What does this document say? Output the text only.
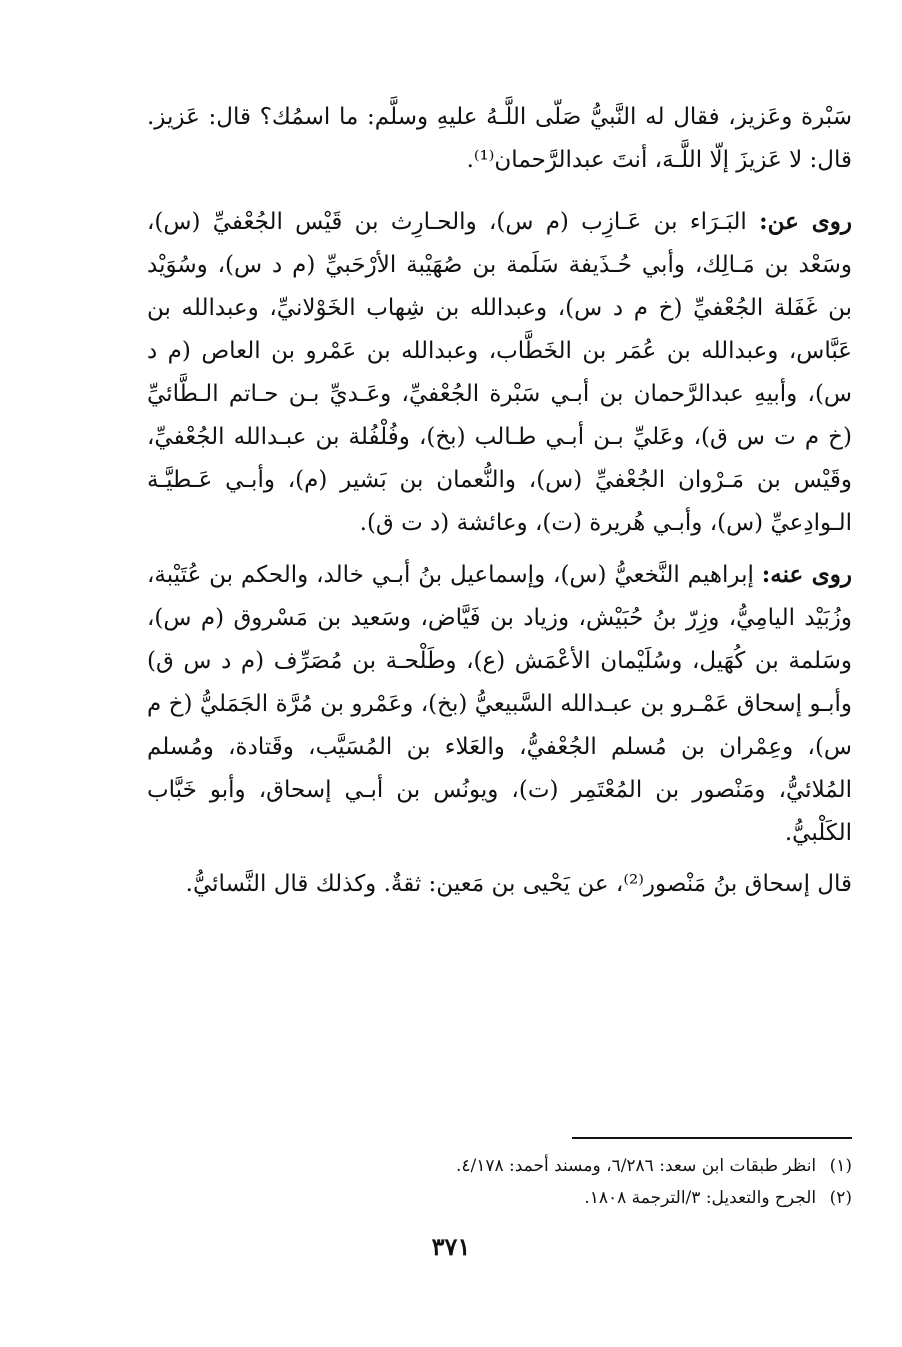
سَبْرة وعَزيز، فقال له النَّبيُّ صَلّى اللَّـهُ عليهِ وسلَّم: ما اسمُك؟ قال: عَزيز. قال: لا عَزيزَ إلّا اللَّـهَ، أنتَ عبدالرَّحمان⁽¹⁾.

روى عن: البَـرَاء بن عَـازِب (م س)، والحـارِث بن قَيْس الجُعْفيِّ (س)، وسَعْد بن مَـالِك، وأبي حُـذَيفة سَلَمة بن صُهَيْبة الأرْحَبيِّ (م د س)، وسُوَيْد بن غَفَلة الجُعْفيِّ (خ م د س)، وعبدالله بن شِهاب الخَوْلانيِّ، وعبدالله بن عَبَّاس، وعبدالله بن عُمَر بن الخَطَّاب، وعبدالله بن عَمْرو بن العاص (م د س)، وأبيهِ عبدالرَّحمان بن أبـي سَبْرة الجُعْفيِّ، وعَـديِّ بـن حـاتم الـطَّائيِّ (خ م ت س ق)، وعَليِّ بـن أبـي طـالب (بخ)، وفُلْفُلة بن عبـدالله الجُعْفيِّ، وقَيْس بن مَـرْوان الجُعْفيِّ (س)، والنُّعمان بن بَشير (م)، وأبـي عَـطيَّـة الـوادِعيِّ (س)، وأبـي هُريرة (ت)، وعائشة (د ت ق).

روى عنه: إبراهيم النَّخعيُّ (س)، وإسماعيل بنُ أبـي خالد، والحكم بن عُتَيْبة، وزُبَيْد اليامِيُّ، وزِرّ بنُ حُبَيْش، وزياد بن فَيَّاض، وسَعيد بن مَسْروق (م س)، وسَلمة بن كُهَيل، وسُلَيْمان الأعْمَش (ع)، وطَلْحـة بن مُصَرِّف (م د س ق) وأبـو إسحاق عَمْـرو بن عبـدالله السَّبيعيُّ (بخ)، وعَمْرو بن مُرَّة الجَمَليُّ (خ م س)، وعِمْران بن مُسلم الجُعْفيُّ، والعَلاء بن المُسَيَّب، وقَتادة، ومُسلم المُلائيُّ، ومَنْصور بن المُعْتَمِر (ت)، ويونُس بن أبـي إسحاق، وأبو خَبَّاب الكَلْبيُّ.

قال إسحاق بنُ مَنْصور⁽²⁾، عن يَحْيى بن مَعين: ثقةٌ. وكذلك قال النَّسائيُّ.

(١) انظر طبقات ابن سعد: ٦/٢٨٦، ومسند أحمد: ٤/١٧٨.

(٢) الجرح والتعديل: ٣/الترجمة ١٨٠٨.

٣٧١
